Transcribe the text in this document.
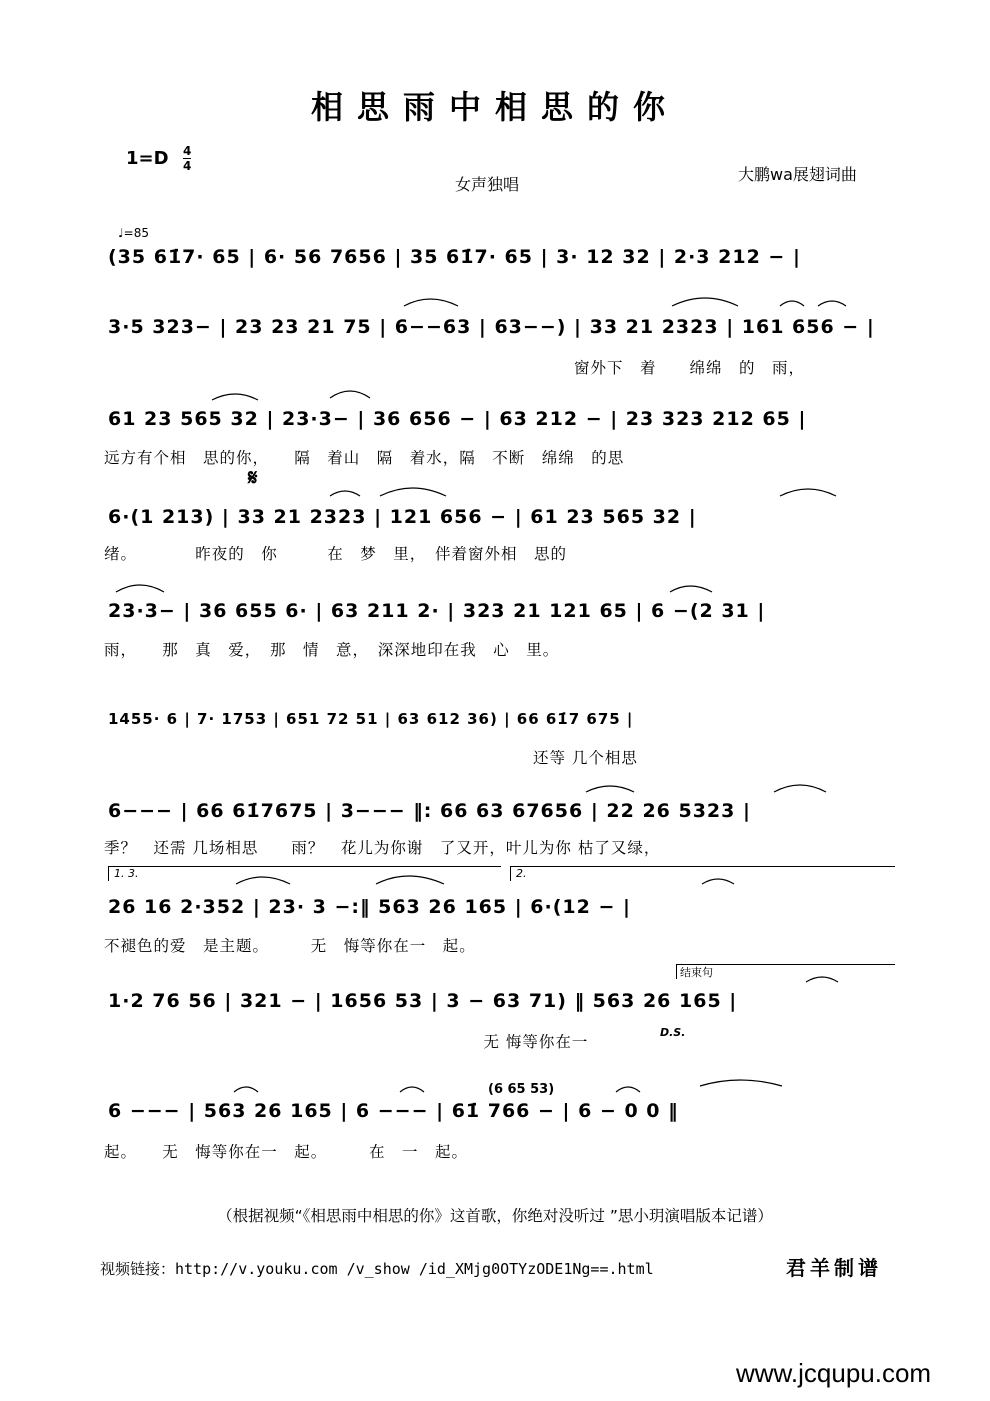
相思雨中相思的你
1=D 4
4
女声独唱
大鹏wa展翅词曲
♩=85
(35 61̇7· 65 | 6· 56 7656 | 35 61̇7· 65 | 3· 12 32 | 2·3 212 − |
3·5 323− | 23 23 21 75 | 6−−63 | 63−−) | 33 21 2323 | 161 656 − |
窗外下　着　　绵绵　的　雨，
61 23 565 32 | 23·3− | 36 656 − | 63 212 − | 23 323 212 65 |
远方有个相　思的你，　　隔　着山　隔　着水，隔　不断　绵绵　的思
𝄋
6·(1 213) | 33 21 2323 | 121 656 − | 61 23 565 32 |
绪。　　　　昨夜的　你　　　在　梦　里，　伴着窗外相　思的
23·3− | 36 655 6· | 63 211 2· | 323 21 121 65 | 6 −(2 31 |
雨，　　那　真　爱，　那　情　意，　深深地印在我　心　里。
1455· 6 | 7· 1753 | 651 72 51 | 63 612 36) | 66 61̇7 675 |
　　　　　　　　　　　　　　　　　　　　　　　　　　还等 几个相思
6−−− | 66 61̇7675 | 3−−− ‖: 66 63 67656 | 22 26 5323 |
季？　还需 几场相思　　雨？　花儿为你谢　了又开，叶儿为你 枯了又绿，
1. 3.	2.
26 16 2·352 | 23· 3 −:‖ 563 26 165 | 6·(12 − |
不褪色的爱　是主题。　　　无　悔等你在一　起。
结束句
1·2 76 56 | 321 − | 1656 53 | 3 − 63 71) ‖ 563 26 165 |
D.S.
　　　　　　　　　　　　　　　　　　　　　　　无 悔等你在一
(6 65 53)
6 −−− | 563 26 165 | 6 −−− | 61̇ 766 − | 6 − 0 0 ‖
起。　　无　悔等你在一　起。　　　在　一　起。
（根据视频“《相思雨中相思的你》这首歌，你绝对没听过 ”思小玥演唱版本记谱）
视频链接：http://v.youku.com /v_show /id_XMjg0OTYzODE1Ng==.html	君羊制谱
www.jcqupu.com
